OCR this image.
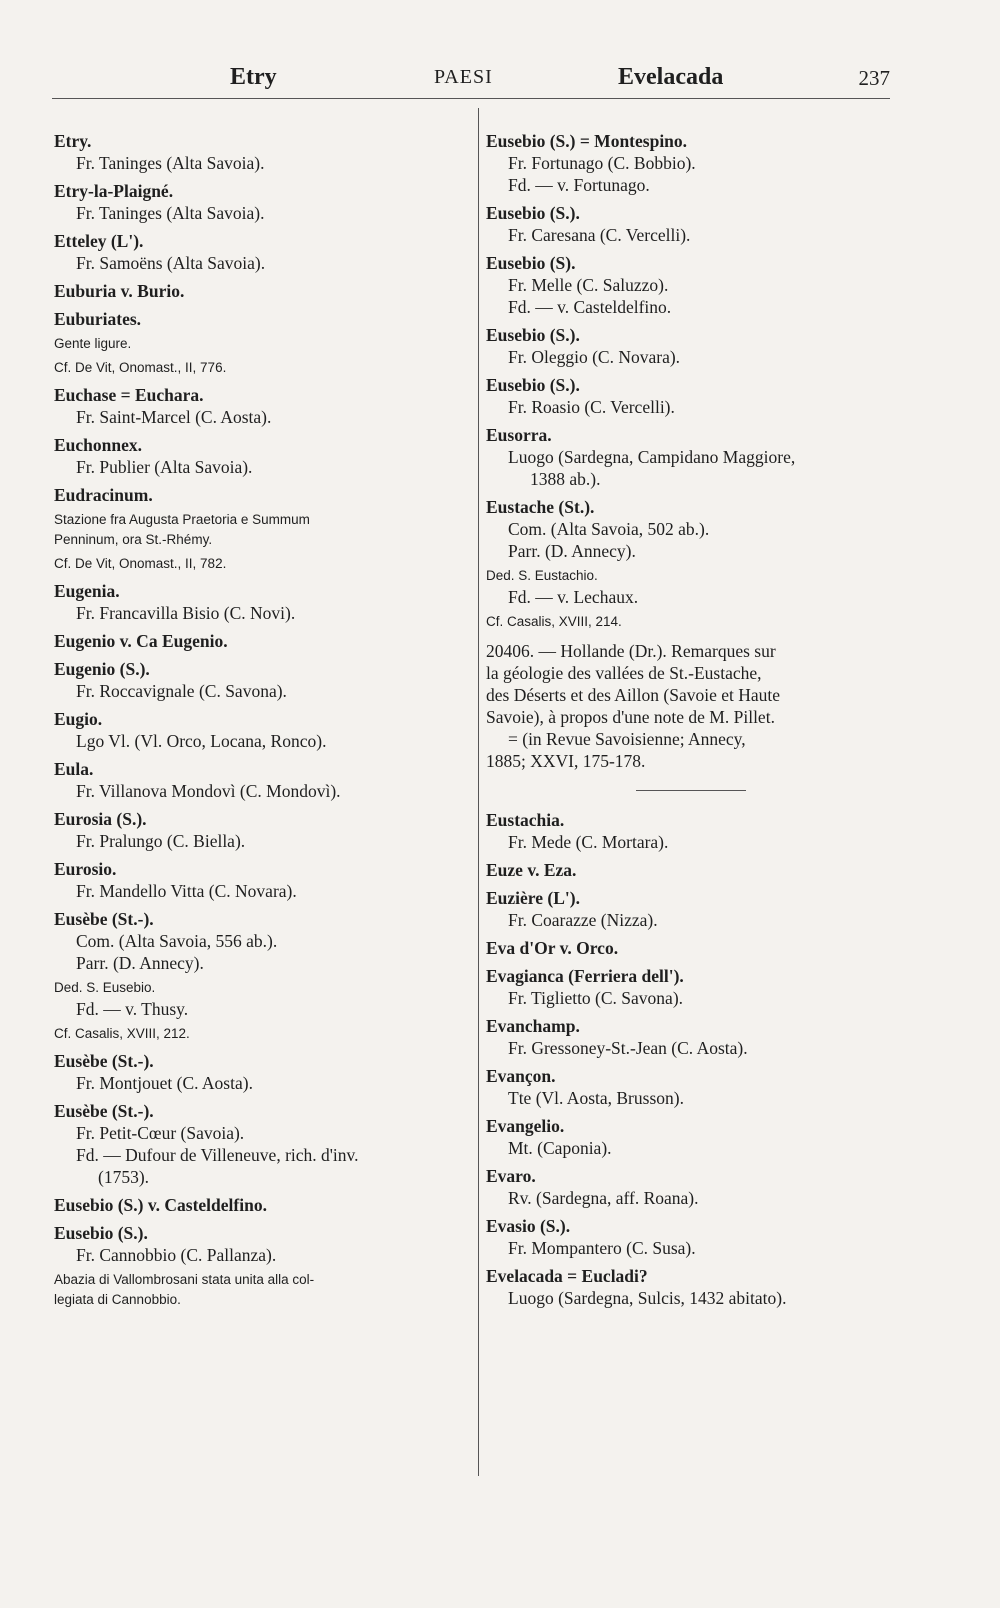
Etry	PAESI	Evelacada	237
Etry.
Fr. Taninges (Alta Savoia).
Etry-la-Plaigné.
Fr. Taninges (Alta Savoia).
Etteley (L').
Fr. Samoëns (Alta Savoia).
Euburia v. Burio.
Euburiates.
Gente ligure.
Cf. De Vit, Onomast., II, 776.
Euchase = Euchara.
Fr. Saint-Marcel (C. Aosta).
Euchonnex.
Fr. Publier (Alta Savoia).
Eudracinum.
Stazione fra Augusta Praetoria e Summum
Penninum, ora St.-Rhémy.
Cf. De Vit, Onomast., II, 782.
Eugenia.
Fr. Francavilla Bisio (C. Novi).
Eugenio v. Ca Eugenio.
Eugenio (S.).
Fr. Roccavignale (C. Savona).
Eugio.
Lgo Vl. (Vl. Orco, Locana, Ronco).
Eula.
Fr. Villanova Mondovì (C. Mondovì).
Eurosia (S.).
Fr. Pralungo (C. Biella).
Eurosio.
Fr. Mandello Vitta (C. Novara).
Eusèbe (St.-).
Com. (Alta Savoia, 556 ab.).
Parr. (D. Annecy).
Ded. S. Eusebio.
Fd. — v. Thusy.
Cf. Casalis, XVIII, 212.
Eusèbe (St.-).
Fr. Montjouet (C. Aosta).
Eusèbe (St.-).
Fr. Petit-Cœur (Savoia).
Fd. — Dufour de Villeneuve, rich. d'inv.
(1753).
Eusebio (S.) v. Casteldelfino.
Eusebio (S.).
Fr. Cannobbio (C. Pallanza).
Abazia di Vallombrosani stata unita alla col-
legiata di Cannobbio.
Eusebio (S.) = Montespino.
Fr. Fortunago (C. Bobbio).
Fd. — v. Fortunago.
Eusebio (S.).
Fr. Caresana (C. Vercelli).
Eusebio (S).
Fr. Melle (C. Saluzzo).
Fd. — v. Casteldelfino.
Eusebio (S.).
Fr. Oleggio (C. Novara).
Eusebio (S.).
Fr. Roasio (C. Vercelli).
Eusorra.
Luogo (Sardegna, Campidano Maggiore,
1388 ab.).
Eustache (St.).
Com. (Alta Savoia, 502 ab.).
Parr. (D. Annecy).
Ded. S. Eustachio.
Fd. — v. Lechaux.
Cf. Casalis, XVIII, 214.
20406. — Hollande (Dr.). Remarques sur
la géologie des vallées de St.-Eustache,
des Déserts et des Aillon (Savoie et Haute
Savoie), à propos d'une note de M. Pillet.
= (in Revue Savoisienne; Annecy,
1885; XXVI, 175-178.
Eustachia.
Fr. Mede (C. Mortara).
Euze v. Eza.
Euzière (L').
Fr. Coarazze (Nizza).
Eva d'Or v. Orco.
Evagianca (Ferriera dell').
Fr. Tiglietto (C. Savona).
Evanchamp.
Fr. Gressoney-St.-Jean (C. Aosta).
Evançon.
Tte (Vl. Aosta, Brusson).
Evangelio.
Mt. (Caponia).
Evaro.
Rv. (Sardegna, aff. Roana).
Evasio (S.).
Fr. Mompantero (C. Susa).
Evelacada = Eucladi?
Luogo (Sardegna, Sulcis, 1432 abitato).
